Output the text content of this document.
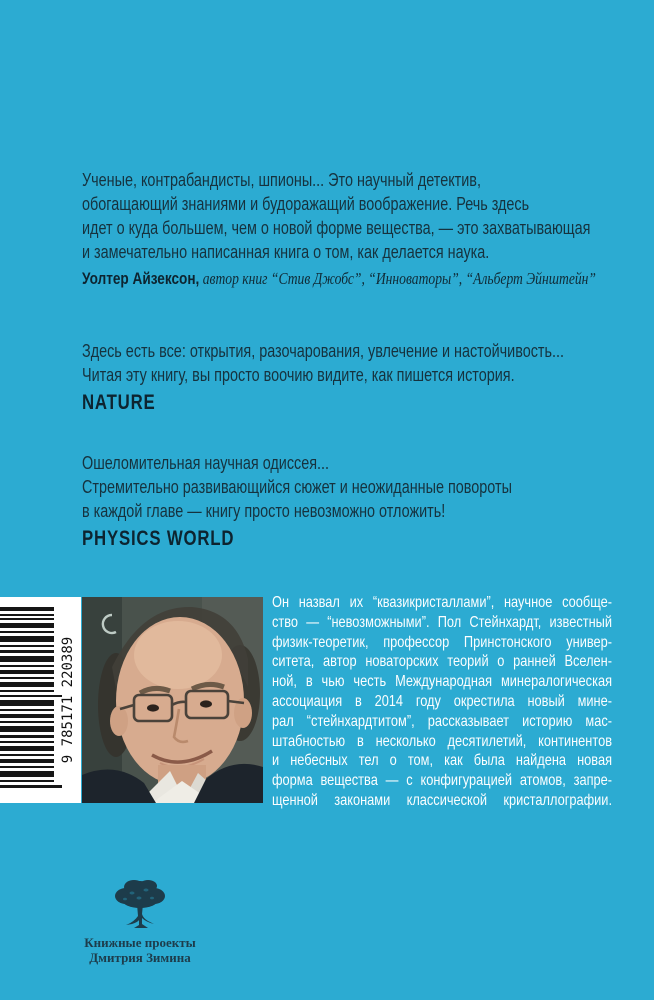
Ученые, контрабандисты, шпионы... Это научный детектив,
обогащающий знаниями и будоражащий воображение. Речь здесь
идет о куда большем, чем о новой форме вещества, — это захватывающая
и замечательно написанная книга о том, как делается наука.
Уолтер Айзексон, автор книг “Стив Джобс”, “Инноваторы”, “Альберт Эйнштейн”
Здесь есть все: открытия, разочарования, увлечение и настойчивость...
Читая эту книгу, вы просто воочию видите, как пишется история.
NATURE
Ошеломительная научная одиссея...
Стремительно развивающийся сюжет и неожиданные повороты
в каждой главе — книгу просто невозможно отложить!
PHYSICS WORLD
9 785171 220389
Он назвал их “квазикристаллами”, научное сообще-
ство — “невозможными”. Пол Стейнхардт, известный
физик-теоретик, профессор Принстонского универ-
ситета, автор новаторских теорий о ранней Вселен-
ной, в чью честь Международная минералогическая
ассоциация в 2014 году окрестила новый мине-
рал “стейнхардтитом”, рассказывает историю мас-
штабностью в несколько десятилетий, континентов
и небесных тел о том, как была найдена новая
форма вещества — с конфигурацией атомов, запре-
щенной законами классической кристаллографии.
Книжные проекты
Дмитрия Зимина
